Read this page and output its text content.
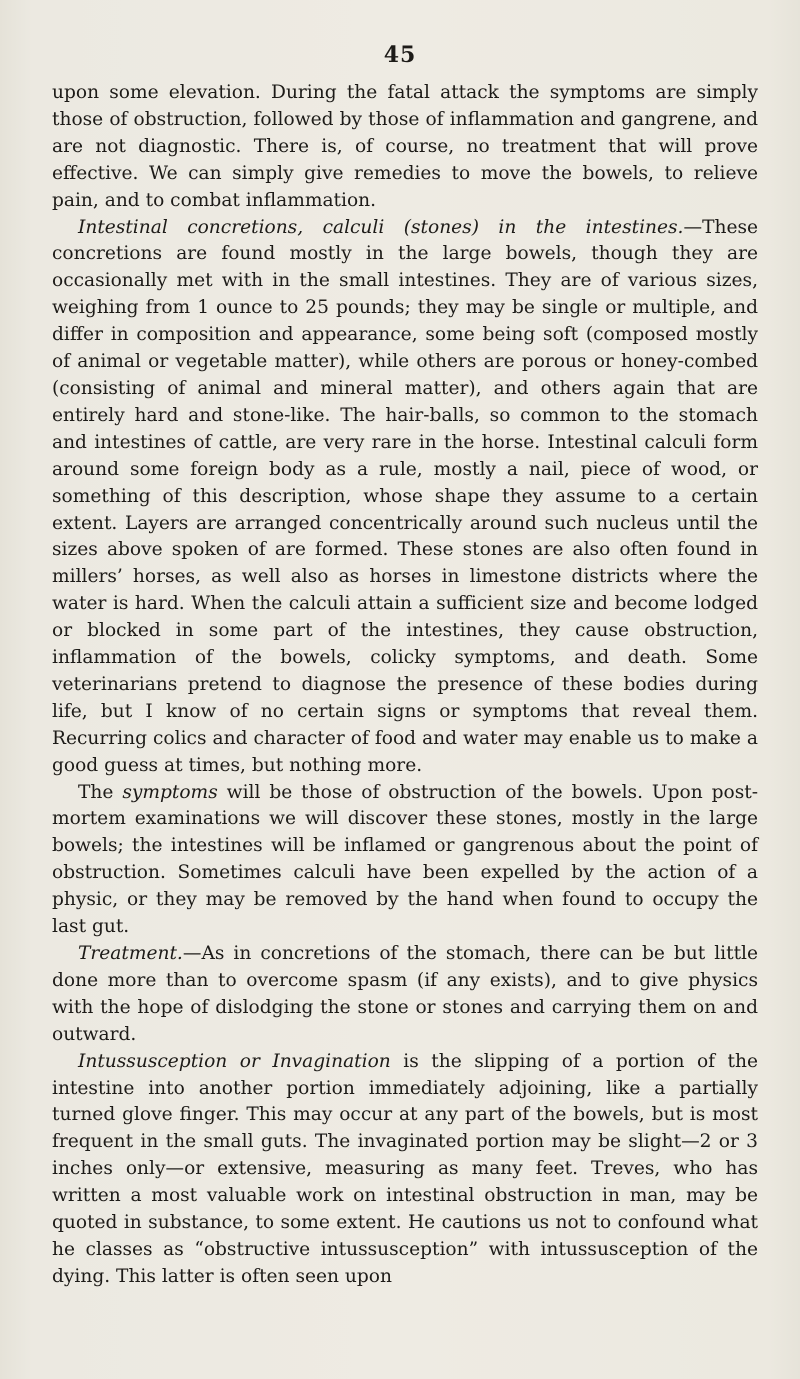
45

upon some elevation. During the fatal attack the symptoms are simply those of obstruction, followed by those of inflammation and gangrene, and are not diagnostic. There is, of course, no treatment that will prove effective. We can simply give remedies to move the bowels, to relieve pain, and to combat inflammation.

Intestinal concretions, calculi (stones) in the intestines.—These concretions are found mostly in the large bowels, though they are occasionally met with in the small intestines. They are of various sizes, weighing from 1 ounce to 25 pounds; they may be single or multiple, and differ in composition and appearance, some being soft (composed mostly of animal or vegetable matter), while others are porous or honey-combed (consisting of animal and mineral matter), and others again that are entirely hard and stone-like. The hair-balls, so common to the stomach and intestines of cattle, are very rare in the horse. Intestinal calculi form around some foreign body as a rule, mostly a nail, piece of wood, or something of this description, whose shape they assume to a certain extent. Layers are arranged concentrically around such nucleus until the sizes above spoken of are formed. These stones are also often found in millers’ horses, as well also as horses in limestone districts where the water is hard. When the calculi attain a sufficient size and become lodged or blocked in some part of the intestines, they cause obstruction, inflammation of the bowels, colicky symptoms, and death. Some veterinarians pretend to diagnose the presence of these bodies during life, but I know of no certain signs or symptoms that reveal them. Recurring colics and character of food and water may enable us to make a good guess at times, but nothing more.

The symptoms will be those of obstruction of the bowels. Upon post-mortem examinations we will discover these stones, mostly in the large bowels; the intestines will be inflamed or gangrenous about the point of obstruction. Sometimes calculi have been expelled by the action of a physic, or they may be removed by the hand when found to occupy the last gut.

Treatment.—As in concretions of the stomach, there can be but little done more than to overcome spasm (if any exists), and to give physics with the hope of dislodging the stone or stones and carrying them on and outward.

Intussusception or Invagination is the slipping of a portion of the intestine into another portion immediately adjoining, like a partially turned glove finger. This may occur at any part of the bowels, but is most frequent in the small guts. The invaginated portion may be slight—2 or 3 inches only—or extensive, measuring as many feet. Treves, who has written a most valuable work on intestinal obstruction in man, may be quoted in substance, to some extent. He cautions us not to confound what he classes as “obstructive intussusception” with intussusception of the dying. This latter is often seen upon
